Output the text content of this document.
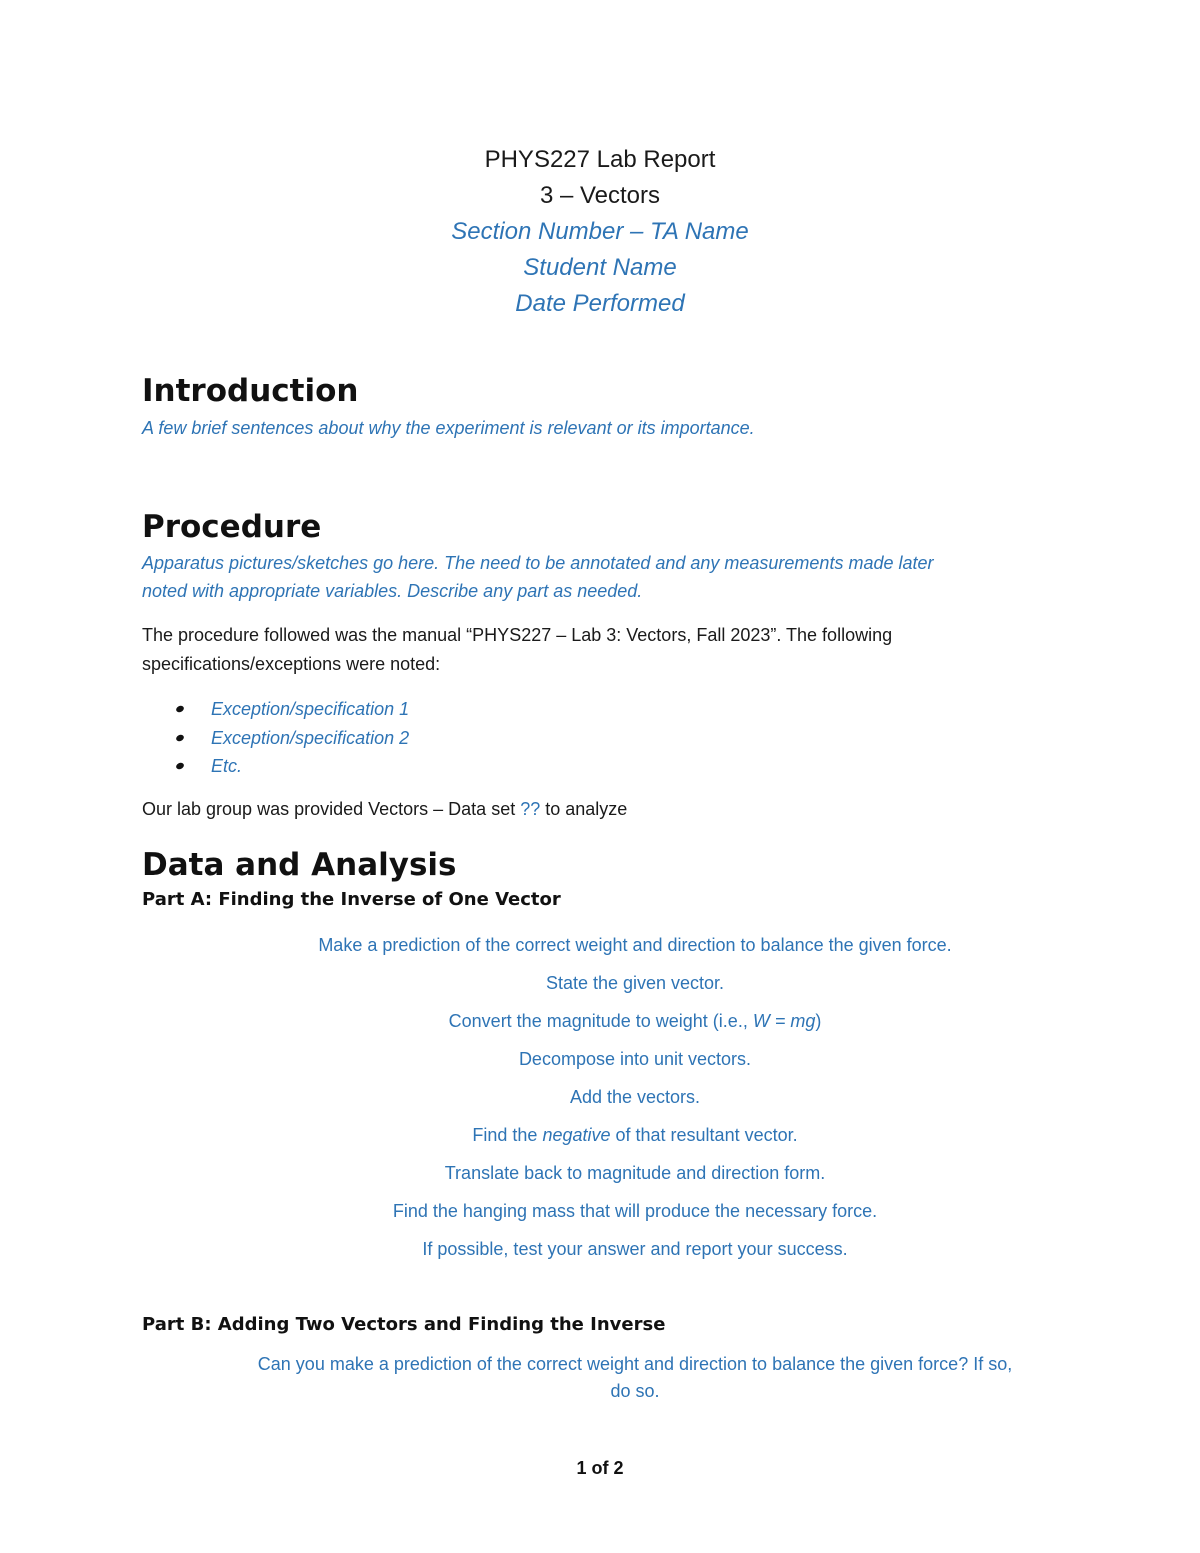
PHYS227 Lab Report
3 – Vectors
Section Number – TA Name
Student Name
Date Performed
Introduction
A few brief sentences about why the experiment is relevant or its importance.
Procedure
Apparatus pictures/sketches go here. The need to be annotated and any measurements made later
noted with appropriate variables. Describe any part as needed.
The procedure followed was the manual “PHYS227 – Lab 3: Vectors, Fall 2023”. The following
specifications/exceptions were noted:
Exception/specification 1
Exception/specification 2
Etc.
Our lab group was provided Vectors – Data set ?? to analyze
Data and Analysis
Part A: Finding the Inverse of One Vector
Make a prediction of the correct weight and direction to balance the given force.
State the given vector.
Convert the magnitude to weight (i.e., W = mg)
Decompose into unit vectors.
Add the vectors.
Find the negative of that resultant vector.
Translate back to magnitude and direction form.
Find the hanging mass that will produce the necessary force.
If possible, test your answer and report your success.
Part B: Adding Two Vectors and Finding the Inverse
Can you make a prediction of the correct weight and direction to balance the given force? If so,
do so.
1 of 2
